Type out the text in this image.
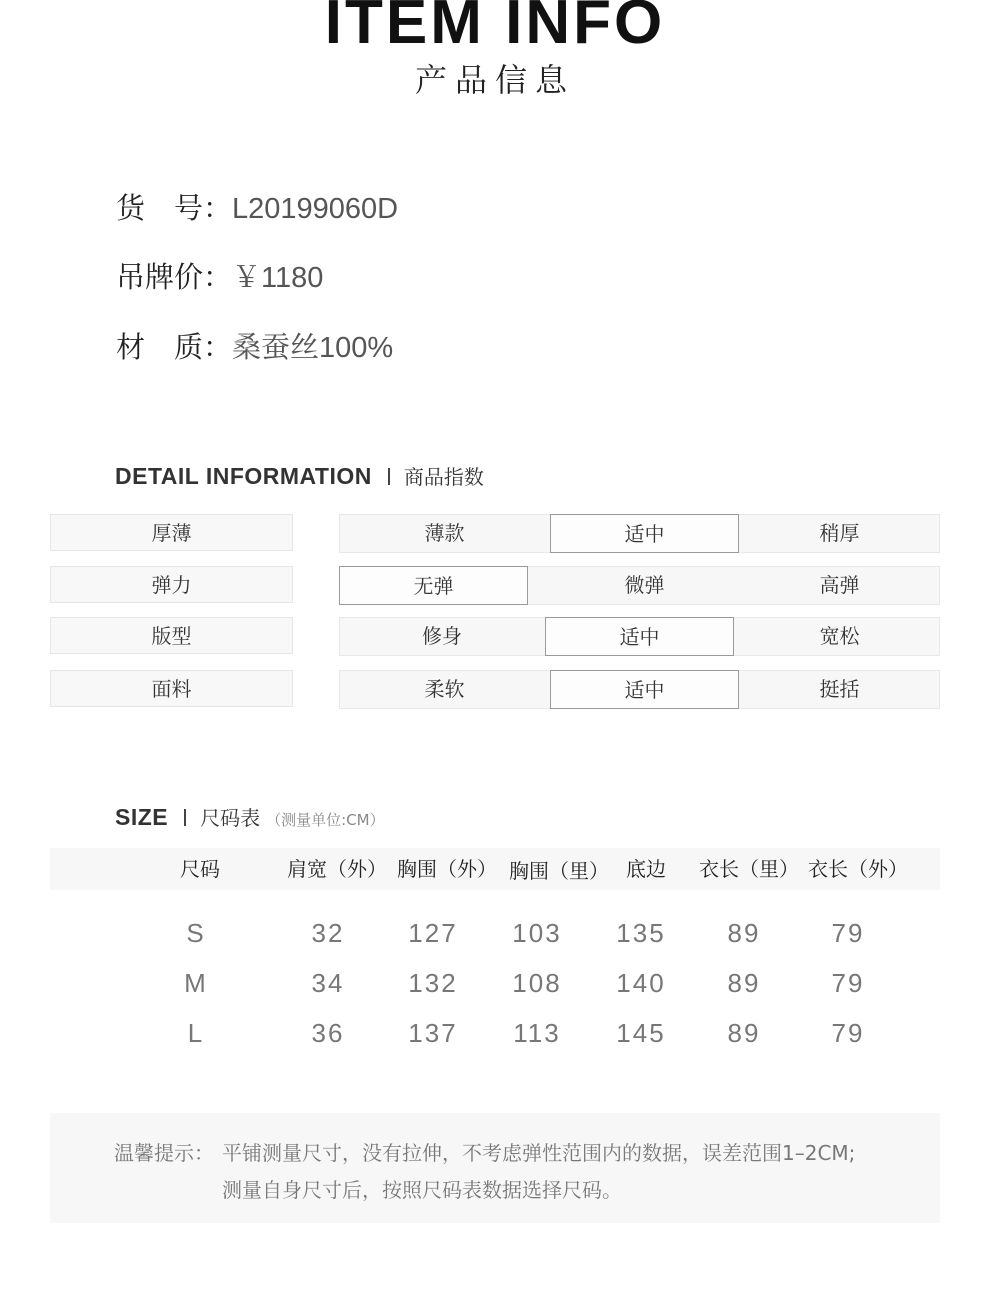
ITEM INFO
产品信息
货　号：L20199060D
吊牌价：￥1180
材　质：桑蚕丝100%
DETAIL INFORMATION 商品指数
厚薄	薄款	适中	稍厚
弹力	无弹	微弹	高弹
版型	修身	适中	宽松
面料	柔软	适中	挺括
SIZE 尺码表 （测量单位:CM）
尺码	肩宽（外） 胸围（外） 胸围（里） 底边	衣长（里） 衣长（外）
S	32	127	103	135	89	79
M	34	132	108	140	89	79
L	36	137	113	145	89	79
温馨提示： 平铺测量尺寸，没有拉伸，不考虑弹性范围内的数据，误差范围1–2CM;
测量自身尺寸后，按照尺码表数据选择尺码。
